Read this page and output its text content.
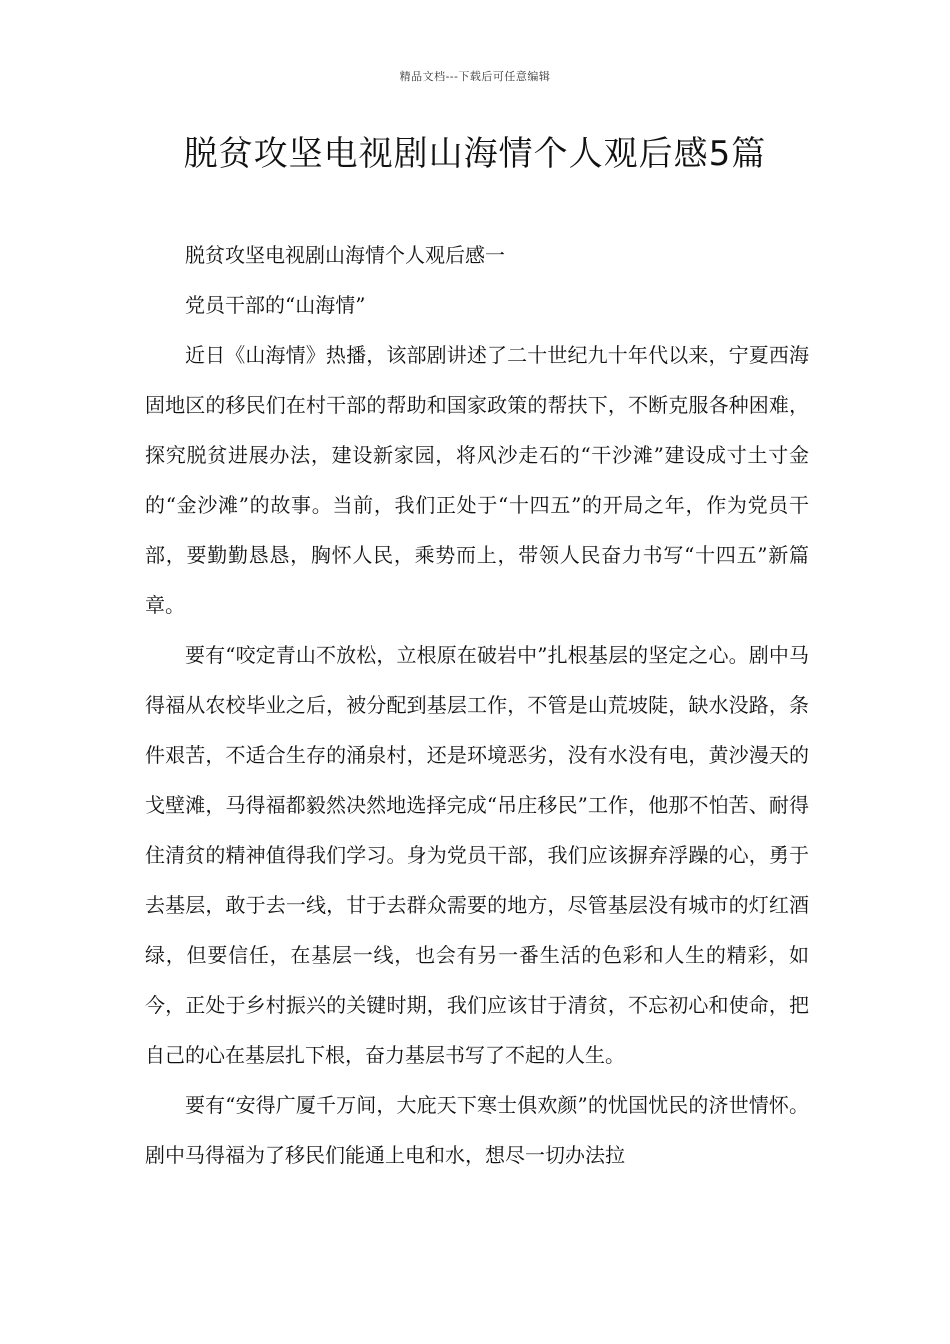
精品文档---下载后可任意编辑
脱贫攻坚电视剧山海情个人观后感5篇

脱贫攻坚电视剧山海情个人观后感一

党员干部的“山海情”

近日《山海情》热播，该部剧讲述了二十世纪九十年代以来，宁夏西海固地区的移民们在村干部的帮助和国家政策的帮扶下，不断克服各种困难，探究脱贫进展办法，建设新家园，将风沙走石的“干沙滩”建设成寸土寸金的“金沙滩”的故事。当前，我们正处于“十四五”的开局之年，作为党员干部，要勤勤恳恳，胸怀人民，乘势而上，带领人民奋力书写“十四五”新篇章。

要有“咬定青山不放松，立根原在破岩中”扎根基层的坚定之心。剧中马得福从农校毕业之后，被分配到基层工作，不管是山荒坡陡，缺水没路，条件艰苦，不适合生存的涌泉村，还是环境恶劣，没有水没有电，黄沙漫天的戈壁滩，马得福都毅然决然地选择完成“吊庄移民”工作，他那不怕苦、耐得住清贫的精神值得我们学习。身为党员干部，我们应该摒弃浮躁的心，勇于去基层，敢于去一线，甘于去群众需要的地方，尽管基层没有城市的灯红酒绿，但要信任，在基层一线，也会有另一番生活的色彩和人生的精彩，如今，正处于乡村振兴的关键时期，我们应该甘于清贫，不忘初心和使命，把自己的心在基层扎下根，奋力基层书写了不起的人生。

要有“安得广厦千万间，大庇天下寒士俱欢颜”的忧国忧民的济世情怀。剧中马得福为了移民们能通上电和水，想尽一切办法拉
